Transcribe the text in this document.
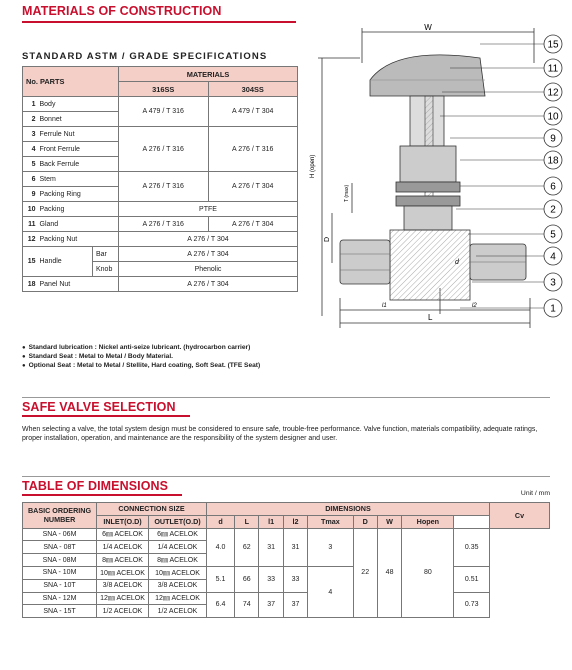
MATERIALS OF CONSTRUCTION
STANDARD ASTM / GRADE SPECIFICATIONS
No. PARTS			MATERIALS	
			316SS	304SS
1	Body		A 479 / T 316	A 479 / T 304
2	Bonnet			
3	Ferrule Nut		A 276 / T 316	A 276 / T 316
4	Front Ferrule			
5	Back Ferrule			
6	Stem		A 276 / T 316	A 276 / T 304
9	Packing Ring			
10	Packing		PTFE	
11	Gland		A 276 / T 316	A 276 / T 304
12	Packing Nut		A 276 / T 304	
15	Handle	Bar	A 276 / T 304	
		Knob	Phenolic	
18	Panel Nut		A 276 / T 304	
W
H (open)
T (max)
D
d
l1	l2
L
15
11
12
10
9
18
6
2
5
4
3
1
● Standard lubrication : Nickel anti-seize lubricant. (hydrocarbon carrier)
● Standard Seat : Metal to Metal / Body Material.
● Optional Seat : Metal to Metal / Stellite, Hard coating, Soft Seat. (TFE Seat)
SAFE VALVE SELECTION
When selecting a valve, the total system design must be considered to ensure safe, trouble-free performance. Valve function, materials compatibility, adequate ratings, proper installation, operation, and maintenance are the responsibility of the system designer and user.
TABLE OF DIMENSIONS
Unit / mm
BASIC ORDERING NUMBER	CONNECTION SIZE		DIMENSIONS									Cv
	INLET(O.D)	OUTLET(O.D)	d	L	l1	l2	Tmax	D	W	Hopen		
SNA - 06M	6㎜ ACELOK	6㎜ ACELOK	4.0	62	31	31	3	22	48	80	0.35	
SNA - 08T	1/4 ACELOK	1/4 ACELOK										
SNA - 08M	8㎜ ACELOK	8㎜ ACELOK										
SNA - 10M	10㎜ ACELOK	10㎜ ACELOK	5.1	66	33	33	4				0.51	
SNA - 10T	3/8 ACELOK	3/8 ACELOK										
SNA - 12M	12㎜ ACELOK	12㎜ ACELOK	6.4	74	37	37					0.73	
SNA - 15T	1/2 ACELOK	1/2 ACELOK										
